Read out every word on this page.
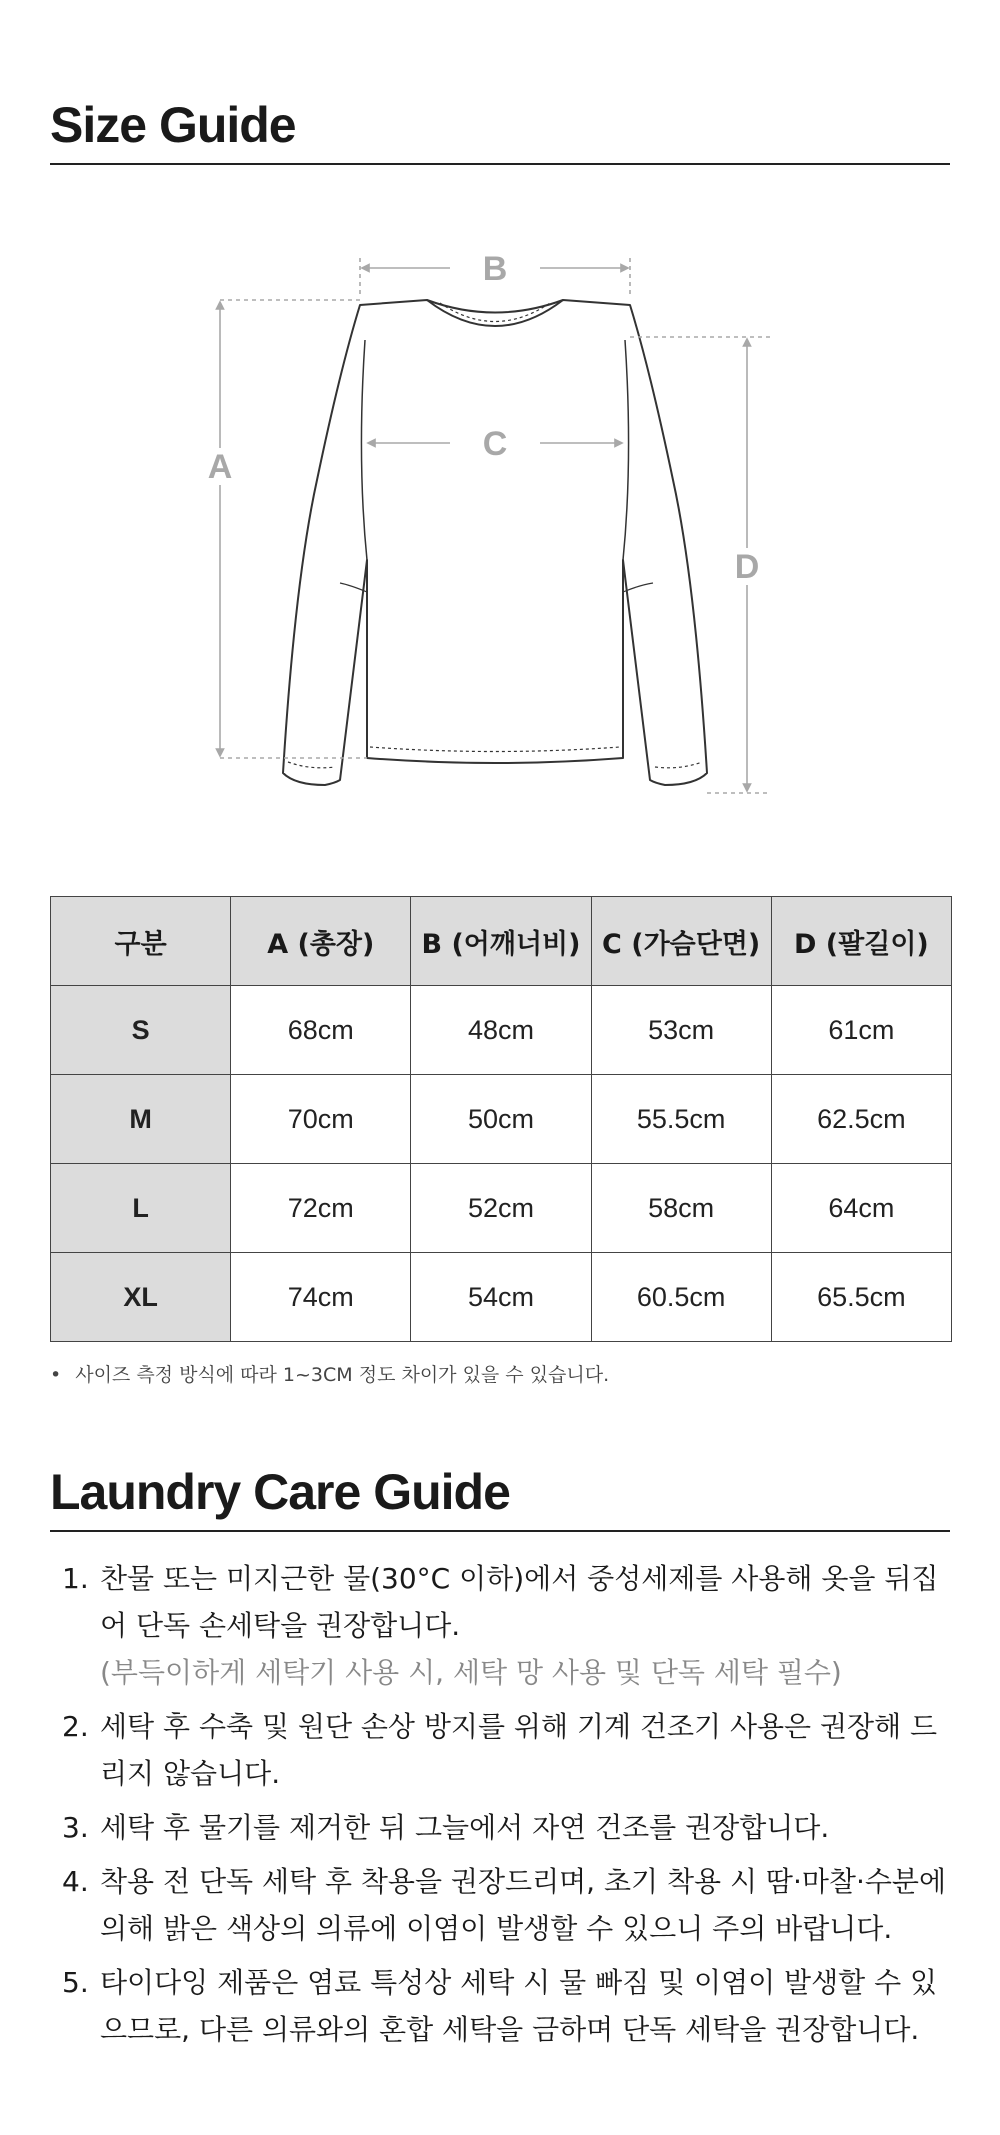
Size Guide
B
C
A
D
구분	A (총장)	B (어깨너비)	C (가슴단면)	D (팔길이)
S	68cm	48cm	53cm	61cm
M	70cm	50cm	55.5cm	62.5cm
L	72cm	52cm	58cm	64cm
XL	74cm	54cm	60.5cm	65.5cm
• 사이즈 측정 방식에 따라 1~3CM 정도 차이가 있을 수 있습니다.
Laundry Care Guide
1. 찬물 또는 미지근한 물(30°C 이하)에서 중성세제를 사용해 옷을 뒤집어 단독 손세탁을 권장합니다.
(부득이하게 세탁기 사용 시, 세탁 망 사용 및 단독 세탁 필수)
2. 세탁 후 수축 및 원단 손상 방지를 위해 기계 건조기 사용은 권장해 드리지 않습니다.
3. 세탁 후 물기를 제거한 뒤 그늘에서 자연 건조를 권장합니다.
4. 착용 전 단독 세탁 후 착용을 권장드리며, 초기 착용 시 땀·마찰·수분에 의해 밝은 색상의 의류에 이염이 발생할 수 있으니 주의 바랍니다.
5. 타이다잉 제품은 염료 특성상 세탁 시 물 빠짐 및 이염이 발생할 수 있으므로, 다른 의류와의 혼합 세탁을 금하며 단독 세탁을 권장합니다.
